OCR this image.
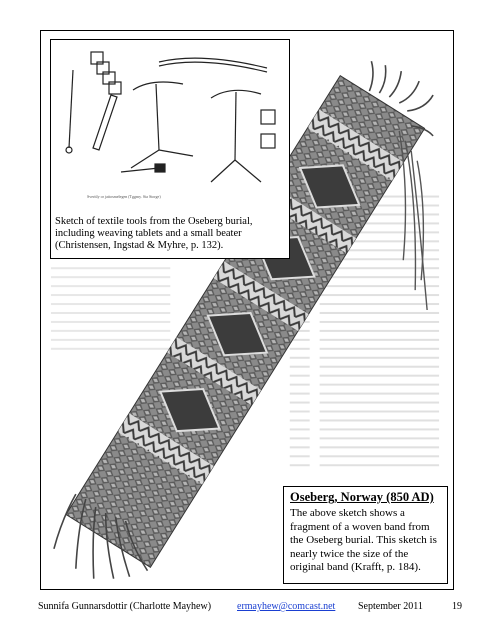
Sveritly or jattosmelegen (Tggmy. Sia Storge)
Sketch of textile tools from the Oseberg burial, including weaving tablets and a small beater (Christensen, Ingstad & Myhre, p. 132).
Oseberg, Norway (850 AD)
The above sketch shows a fragment of a woven band from the Oseberg burial. This sketch is nearly twice the size of the original band (Krafft, p. 184).
Sunnifa Gunnarsdottir (Charlotte Mayhew)	ermayhew@comcast.net September 2011	19
